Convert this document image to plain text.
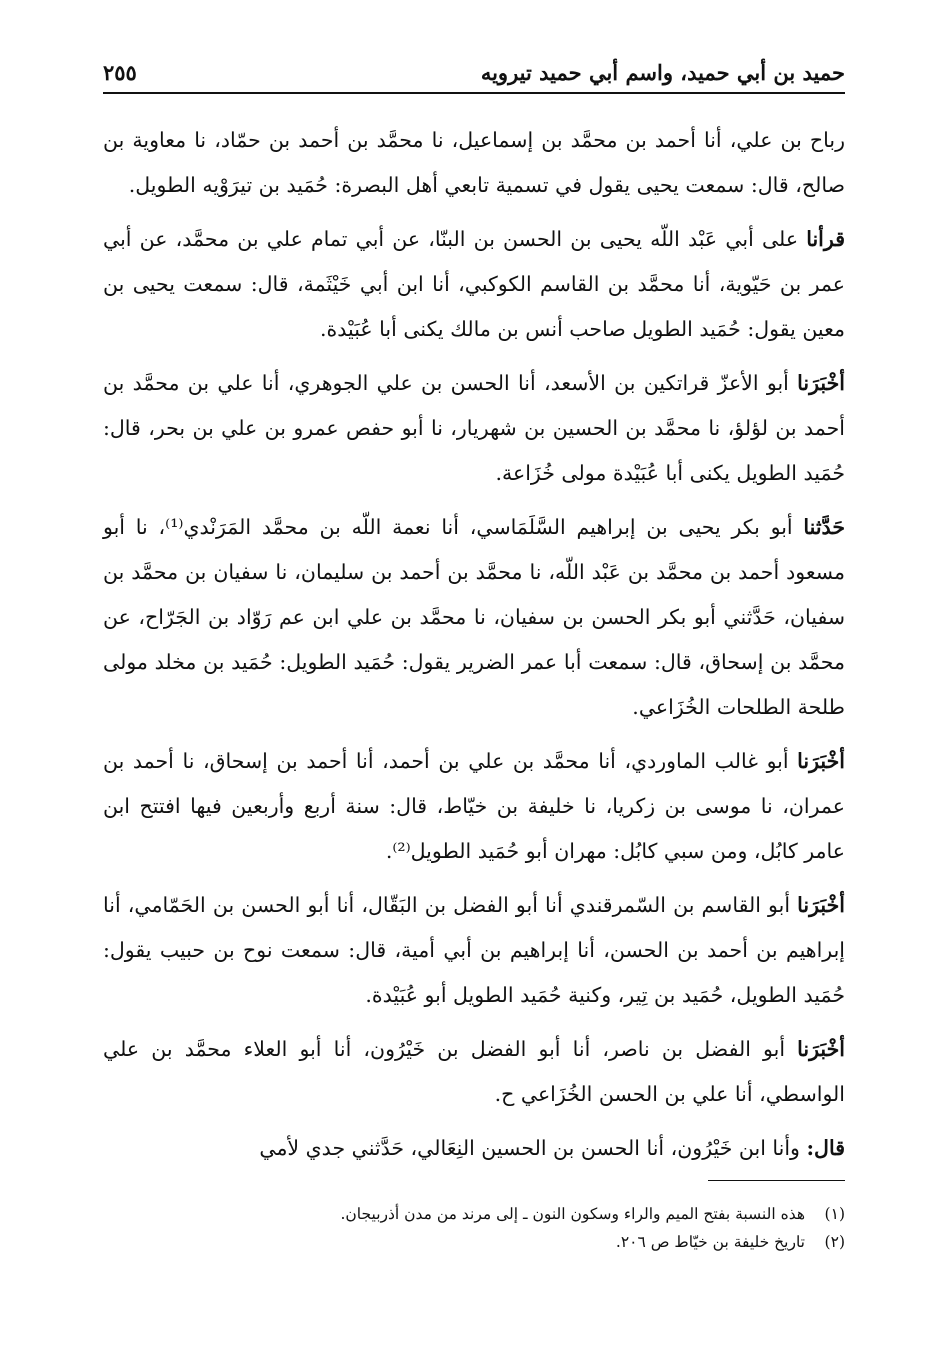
حميد بن أبي حميد، واسم أبي حميد تيرويه
٢٥٥

رباح بن علي، أنا أحمد بن محمَّد بن إسماعيل، نا محمَّد بن أحمد بن حمّاد، نا معاوية بن صالح، قال: سمعت يحيى يقول في تسمية تابعي أهل البصرة: حُمَيد بن تيرَوْيه الطويل.

قرأنا على أبي عَبْد اللّه يحيى بن الحسن بن البنّا، عن أبي تمام علي بن محمَّد، عن أبي عمر بن حَيّوية، أنا محمَّد بن القاسم الكوكبي، أنا ابن أبي خَيْثَمة، قال: سمعت يحيى بن معين يقول: حُمَيد الطويل صاحب أنس بن مالك يكنى أبا عُبَيْدة.

أخْبَرَنا أبو الأعزّ قراتكين بن الأسعد، أنا الحسن بن علي الجوهري، أنا علي بن محمَّد بن أحمد بن لؤلؤ، نا محمَّد بن الحسين بن شهريار، نا أبو حفص عمرو بن علي بن بحر، قال: حُمَيد الطويل يكنى أبا عُبَيْدة مولى خُزَاعة.

حَدَّثنا أبو بكر يحيى بن إبراهيم السَّلَمَاسي، أنا نعمة اللّه بن محمَّد المَرَنْدي⁽¹⁾، نا أبو مسعود أحمد بن محمَّد بن عَبْد اللّه، نا محمَّد بن أحمد بن سليمان، نا سفيان بن محمَّد بن سفيان، حَدَّثني أبو بكر الحسن بن سفيان، نا محمَّد بن علي ابن عم رَوّاد بن الجَرّاح، عن محمَّد بن إسحاق، قال: سمعت أبا عمر الضرير يقول: حُمَيد الطويل: حُمَيد بن مخلد مولى طلحة الطلحات الخُزَاعي.

أخْبَرَنا أبو غالب الماوردي، أنا محمَّد بن علي بن أحمد، أنا أحمد بن إسحاق، نا أحمد بن عمران، نا موسى بن زكريا، نا خليفة بن خيّاط، قال: سنة أربع وأربعين فيها افتتح ابن عامر كابُل، ومن سبي كابُل: مهران أبو حُمَيد الطويل⁽²⁾.

أخْبَرَنا أبو القاسم بن السّمرقندي أنا أبو الفضل بن البَقّال، أنا أبو الحسن بن الحَمّامي، أنا إبراهيم بن أحمد بن الحسن، أنا إبراهيم بن أبي أمية، قال: سمعت نوح بن حبيب يقول: حُمَيد الطويل، حُمَيد بن تِير، وكنية حُمَيد الطويل أبو عُبَيْدة.

أخْبَرَنا أبو الفضل بن ناصر، أنا أبو الفضل بن خَيْرُون، أنا أبو العلاء محمَّد بن علي الواسطي، أنا علي بن الحسن الخُزَاعي ح.

قال: وأنا ابن خَيْرُون، أنا الحسن بن الحسين النِعَالي، حَدَّثني جدي لأمي

(١)
هذه النسبة بفتح الميم والراء وسكون النون ـ إلى مرند من مدن أذربيجان.
(٢)
تاريخ خليفة بن خيّاط ص ٢٠٦.
